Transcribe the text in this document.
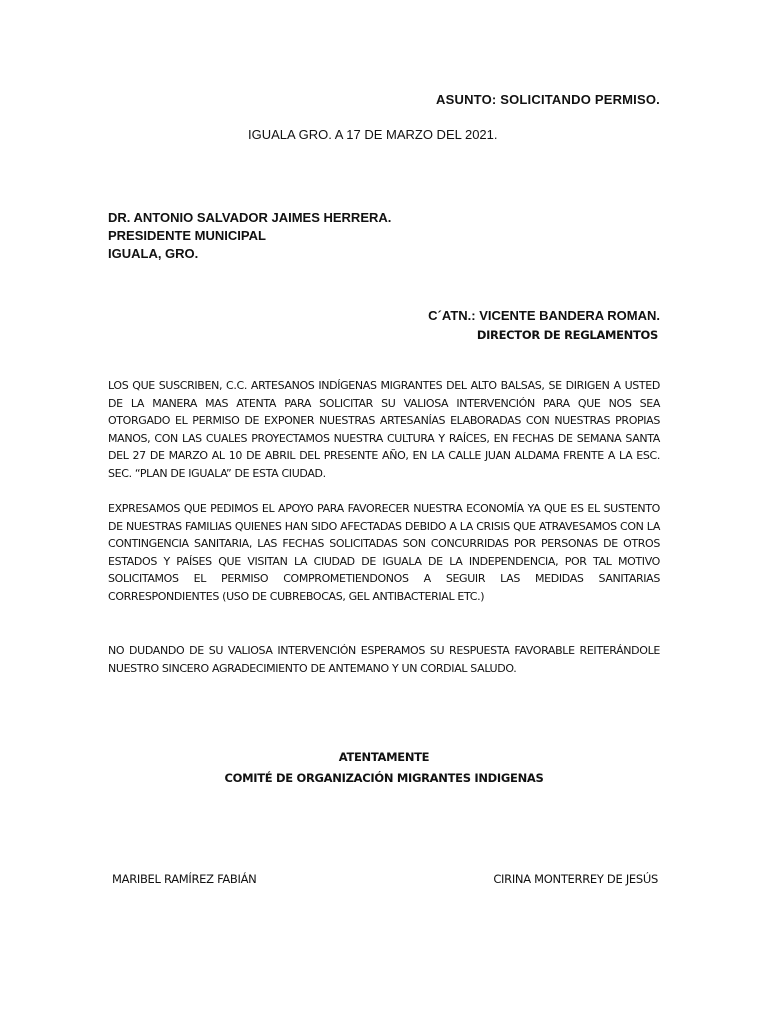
ASUNTO: SOLICITANDO PERMISO.
IGUALA GRO. A 17 DE MARZO DEL 2021.
DR. ANTONIO SALVADOR JAIMES HERRERA.
PRESIDENTE MUNICIPAL
IGUALA, GRO.
C´ATN.: VICENTE BANDERA ROMAN.
DIRECTOR DE REGLAMENTOS
LOS QUE SUSCRIBEN, C.C. ARTESANOS INDÍGENAS MIGRANTES DEL ALTO BALSAS, SE DIRIGEN A USTED DE LA MANERA MAS ATENTA PARA SOLICITAR SU VALIOSA INTERVENCIÓN PARA QUE NOS SEA OTORGADO EL PERMISO DE EXPONER NUESTRAS ARTESANÍAS ELABORADAS CON NUESTRAS PROPIAS MANOS, CON LAS CUALES PROYECTAMOS NUESTRA CULTURA Y RAÍCES, EN FECHAS DE SEMANA SANTA DEL 27 DE MARZO AL 10 DE ABRIL DEL PRESENTE AÑO, EN LA CALLE JUAN ALDAMA FRENTE A LA ESC. SEC. “PLAN DE IGUALA” DE ESTA CIUDAD.
EXPRESAMOS QUE PEDIMOS EL APOYO PARA FAVORECER NUESTRA ECONOMÍA YA QUE ES EL SUSTENTO DE NUESTRAS FAMILIAS QUIENES HAN SIDO AFECTADAS DEBIDO A LA CRISIS QUE ATRAVESAMOS CON LA CONTINGENCIA SANITARIA, LAS FECHAS SOLICITADAS SON CONCURRIDAS POR PERSONAS DE OTROS ESTADOS Y PAÍSES QUE VISITAN LA CIUDAD DE IGUALA DE LA INDEPENDENCIA, POR TAL MOTIVO SOLICITAMOS EL PERMISO COMPROMETIENDONOS A SEGUIR LAS MEDIDAS SANITARIAS CORRESPONDIENTES (USO DE CUBREBOCAS, GEL ANTIBACTERIAL ETC.)
NO DUDANDO DE SU VALIOSA INTERVENCIÓN ESPERAMOS SU RESPUESTA FAVORABLE REITERÁNDOLE NUESTRO SINCERO AGRADECIMIENTO DE ANTEMANO Y UN CORDIAL SALUDO.
ATENTAMENTE
COMITÉ DE ORGANIZACIÓN MIGRANTES INDIGENAS
MARIBEL RAMÍREZ FABIÁN	CIRINA MONTERREY DE JESÚS
